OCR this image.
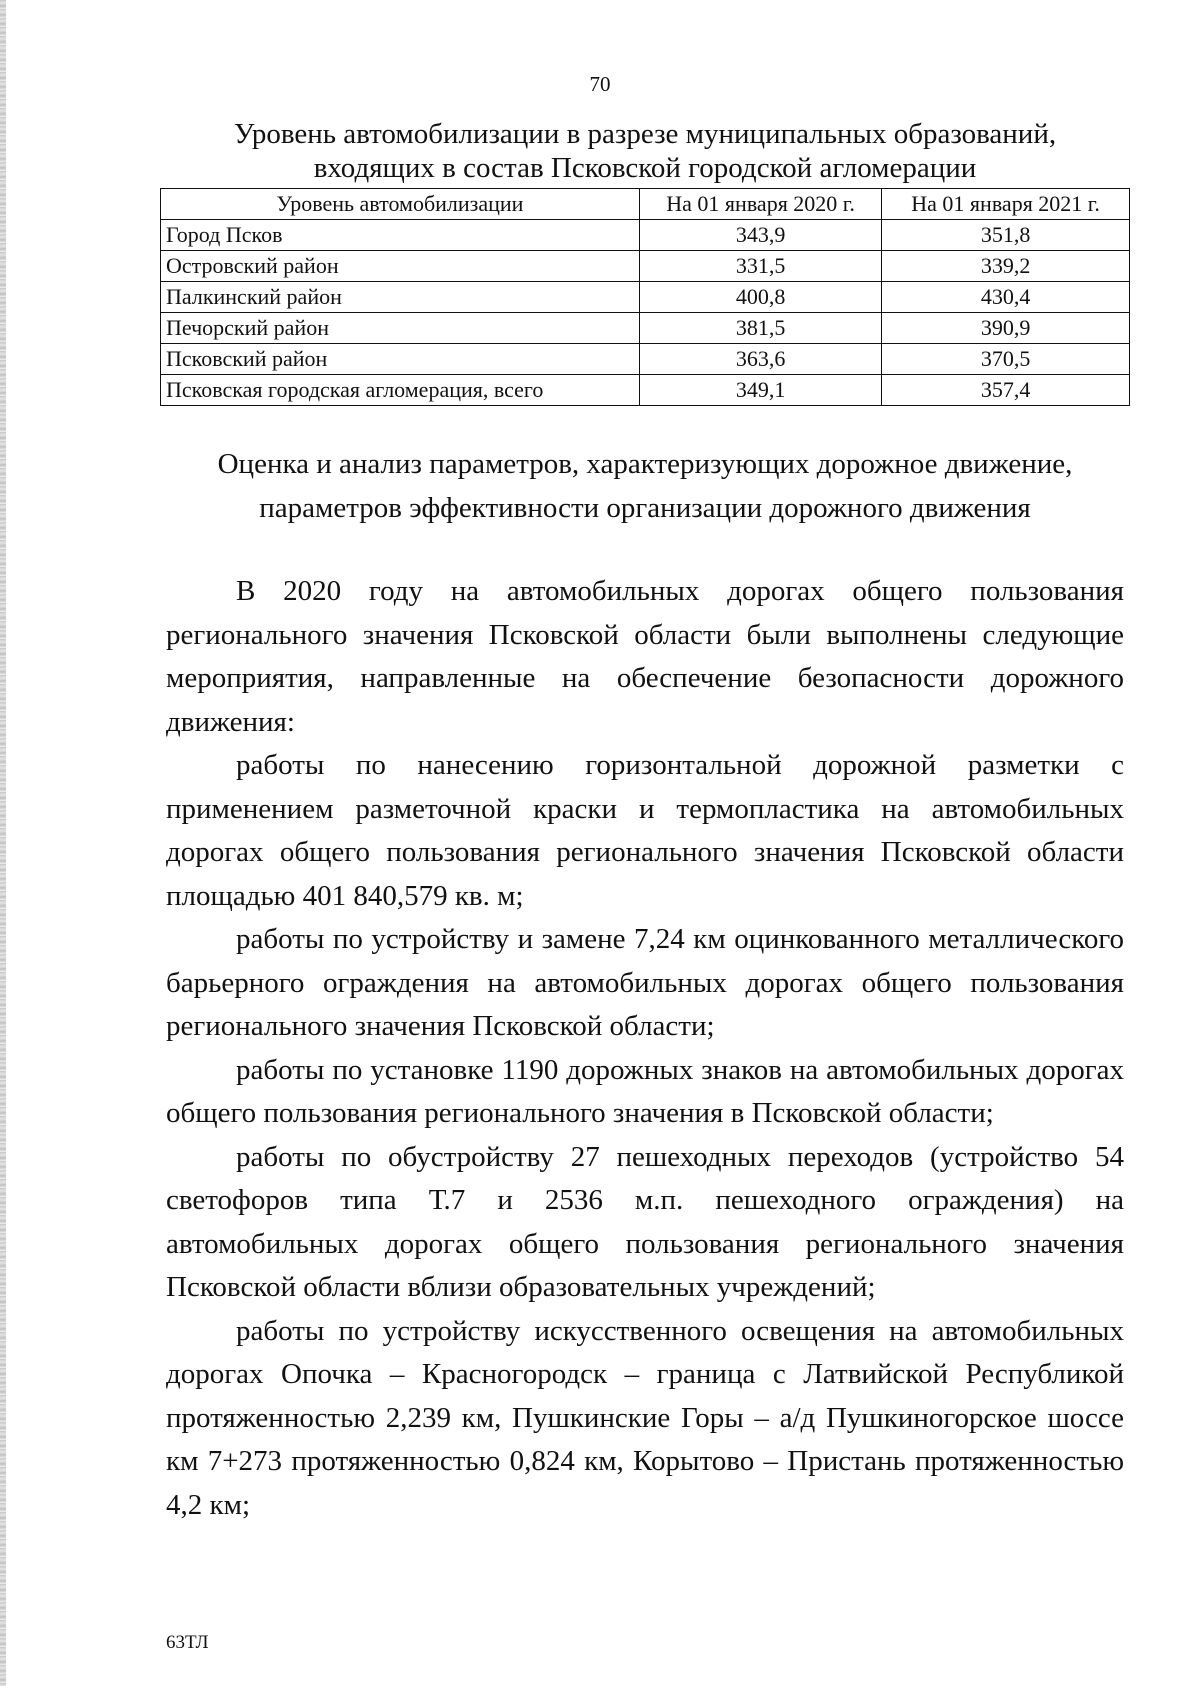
70
Уровень автомобилизации в разрезе муниципальных образований,
входящих в состав Псковской городской агломерации
Уровень автомобилизации	На 01 января 2020 г.	На 01 января 2021 г.
Город Псков	343,9	351,8
Островский район	331,5	339,2
Палкинский район	400,8	430,4
Печорский район	381,5	390,9
Псковский район	363,6	370,5
Псковская городская агломерация, всего	349,1	357,4
Оценка и анализ параметров, характеризующих дорожное движение,
параметров эффективности организации дорожного движения

В 2020 году на автомобильных дорогах общего пользования регионального значения Псковской области были выполнены следующие мероприятия, направленные на обеспечение безопасности дорожного движения:

работы по нанесению горизонтальной дорожной разметки с применением разметочной краски и термопластика на автомобильных дорогах общего пользования регионального значения Псковской области площадью 401 840,579 кв. м;

работы по устройству и замене 7,24 км оцинкованного металлического барьерного ограждения на автомобильных дорогах общего пользования регионального значения Псковской области;

работы по установке 1190 дорожных знаков на автомобильных дорогах общего пользования регионального значения в Псковской области;

работы по обустройству 27 пешеходных переходов (устройство 54 светофоров типа Т.7 и 2536 м.п. пешеходного ограждения) на автомобильных дорогах общего пользования регионального значения Псковской области вблизи образовательных учреждений;

работы по устройству искусственного освещения на автомобильных дорогах Опочка – Красногородск – граница с Латвийской Республикой протяженностью 2,239 км, Пушкинские Горы – а/д Пушкиногорское шоссе км 7+273 протяженностью 0,824 км, Корытово – Пристань протяженностью 4,2 км;

63ТЛ
